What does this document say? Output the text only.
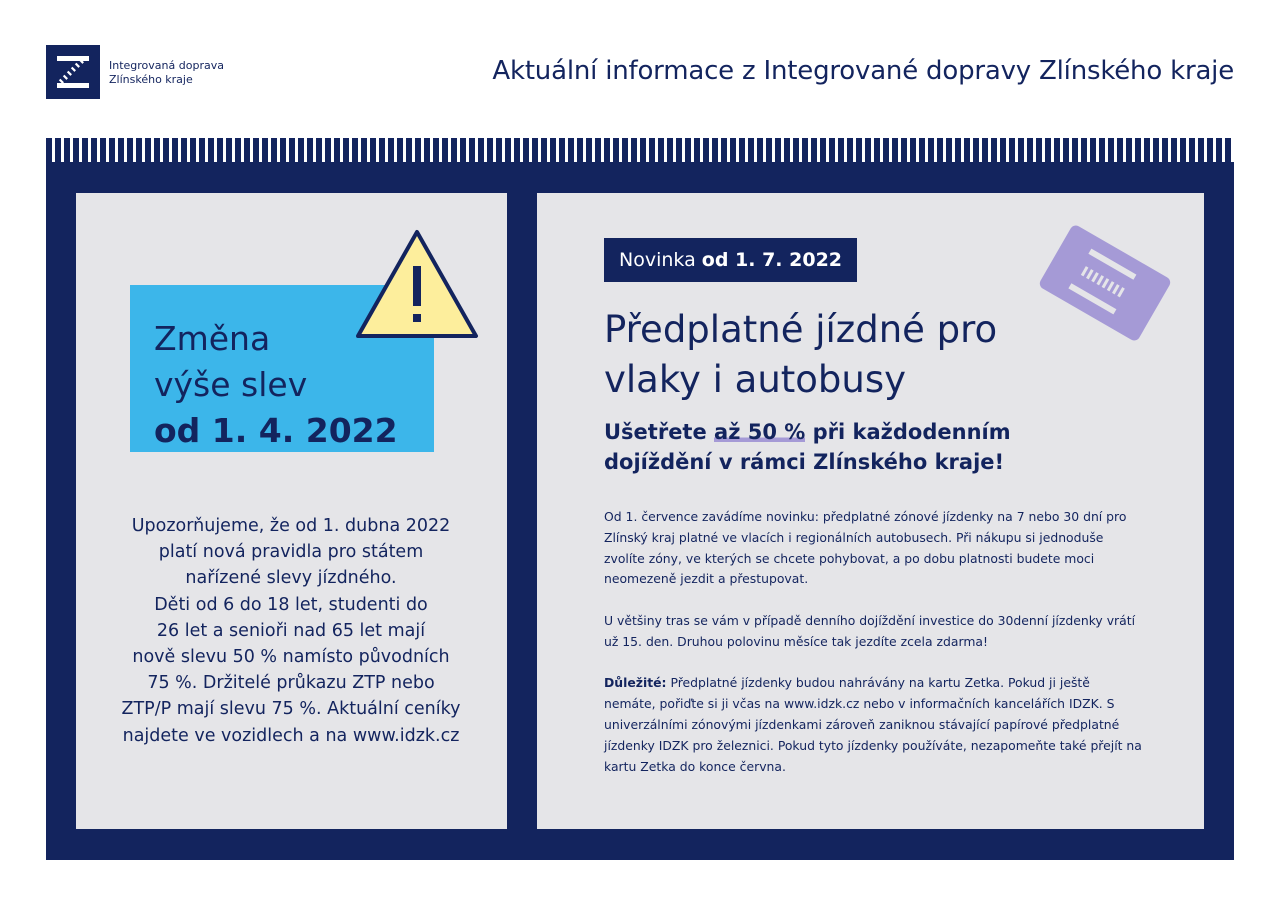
Integrovaná doprava
Zlínského kraje	Aktuální informace z Integrované dopravy Zlínského kraje
Změna
výše slev
od 1. 4. 2022
Upozorňujeme, že od 1. dubna 2022
platí nová pravidla pro státem
nařízené slevy jízdného.
Děti od 6 do 18 let, studenti do
26 let a senioři nad 65 let mají
nově slevu 50 % namísto původních
75 %. Držitelé průkazu ZTP nebo
ZTP/P mají slevu 75 %. Aktuální ceníky
najdete ve vozidlech a na www.idzk.cz
Novinka od 1. 7. 2022
Předplatné jízdné pro vlaky i autobusy
Ušetřete až 50 % při každodenním dojíždění v rámci Zlínského kraje!

Od 1. července zavádíme novinku: předplatné zónové jízdenky na 7 nebo 30 dní pro Zlínský kraj platné ve vlacích i regionálních autobusech. Při nákupu si jednoduše zvolíte zóny, ve kterých se chcete pohybovat, a po dobu platnosti budete moci neomezeně jezdit a přestupovat.

U většiny tras se vám v případě denního dojíždění investice do 30denní jízdenky vrátí už 15. den. Druhou polovinu měsíce tak jezdíte zcela zdarma!

Důležité: Předplatné jízdenky budou nahrávány na kartu Zetka. Pokud ji ještě nemáte, pořiďte si ji včas na www.idzk.cz nebo v informačních kancelářích IDZK. S univerzálními zónovými jízdenkami zároveň zaniknou stávající papírové předplatné jízdenky IDZK pro železnici. Pokud tyto jízdenky používáte, nezapomeňte také přejít na kartu Zetka do konce června.
